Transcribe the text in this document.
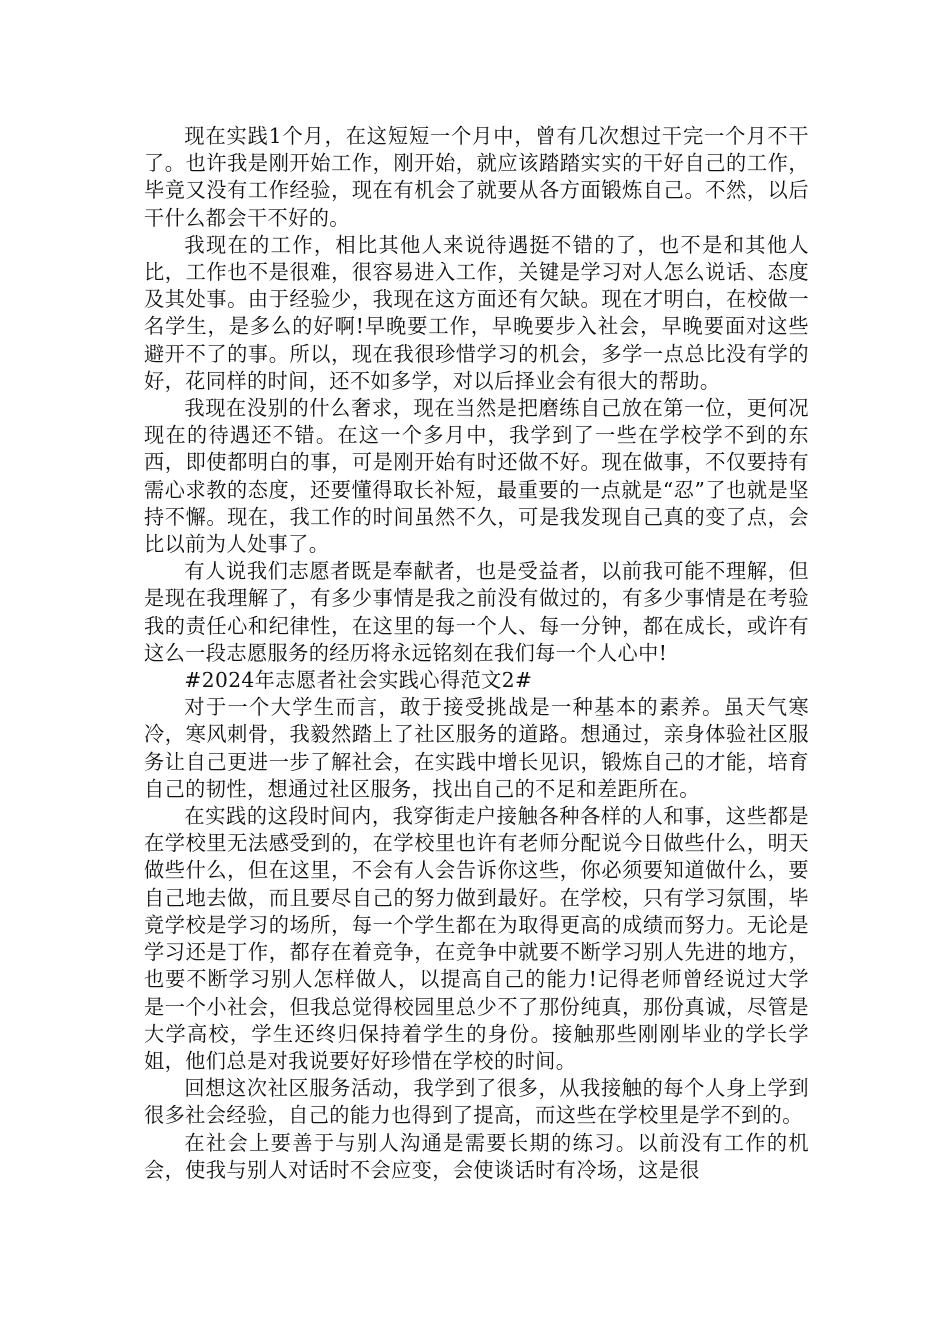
现在实践1个月，在这短短一个月中，曾有几次想过干完一个月不干了。也许我是刚开始工作，刚开始，就应该踏踏实实的干好自己的工作，毕竟又没有工作经验，现在有机会了就要从各方面锻炼自己。不然，以后干什么都会干不好的。

我现在的工作，相比其他人来说待遇挺不错的了，也不是和其他人比，工作也不是很难，很容易进入工作，关键是学习对人怎么说话、态度及其处事。由于经验少，我现在这方面还有欠缺。现在才明白，在校做一名学生，是多么的好啊!早晚要工作，早晚要步入社会，早晚要面对这些避开不了的事。所以，现在我很珍惜学习的机会，多学一点总比没有学的好，花同样的时间，还不如多学，对以后择业会有很大的帮助。

我现在没别的什么奢求，现在当然是把磨练自己放在第一位，更何况现在的待遇还不错。在这一个多月中，我学到了一些在学校学不到的东西，即使都明白的事，可是刚开始有时还做不好。现在做事，不仅要持有需心求教的态度，还要懂得取长补短，最重要的一点就是“忍”了也就是坚持不懈。现在，我工作的时间虽然不久，可是我发现自己真的变了点，会比以前为人处事了。

有人说我们志愿者既是奉献者，也是受益者，以前我可能不理解，但是现在我理解了，有多少事情是我之前没有做过的，有多少事情是在考验我的责任心和纪律性，在这里的每一个人、每一分钟，都在成长，或许有这么一段志愿服务的经历将永远铭刻在我们每一个人心中!

#2024年志愿者社会实践心得范文2#

对于一个大学生而言，敢于接受挑战是一种基本的素养。虽天气寒冷，寒风刺骨，我毅然踏上了社区服务的道路。想通过，亲身体验社区服务让自己更进一步了解社会，在实践中增长见识，锻炼自己的才能，培育自己的韧性，想通过社区服务，找出自己的不足和差距所在。

在实践的这段时间内，我穿街走户接触各种各样的人和事，这些都是在学校里无法感受到的，在学校里也许有老师分配说今日做些什么，明天做些什么，但在这里，不会有人会告诉你这些，你必须要知道做什么，要自己地去做，而且要尽自己的努力做到最好。在学校，只有学习氛围，毕竟学校是学习的场所，每一个学生都在为取得更高的成绩而努力。无论是学习还是丁作，都存在着竞争，在竞争中就要不断学习别人先进的地方，也要不断学习别人怎样做人，以提高自己的能力!记得老师曾经说过大学是一个小社会，但我总觉得校园里总少不了那份纯真，那份真诚，尽管是大学高校，学生还终归保持着学生的身份。接触那些刚刚毕业的学长学姐，他们总是对我说要好好珍惜在学校的时间。

回想这次社区服务活动，我学到了很多，从我接触的每个人身上学到很多社会经验，自己的能力也得到了提高，而这些在学校里是学不到的。

在社会上要善于与别人沟通是需要长期的练习。以前没有工作的机会，使我与别人对话时不会应变，会使谈话时有冷场，这是很
